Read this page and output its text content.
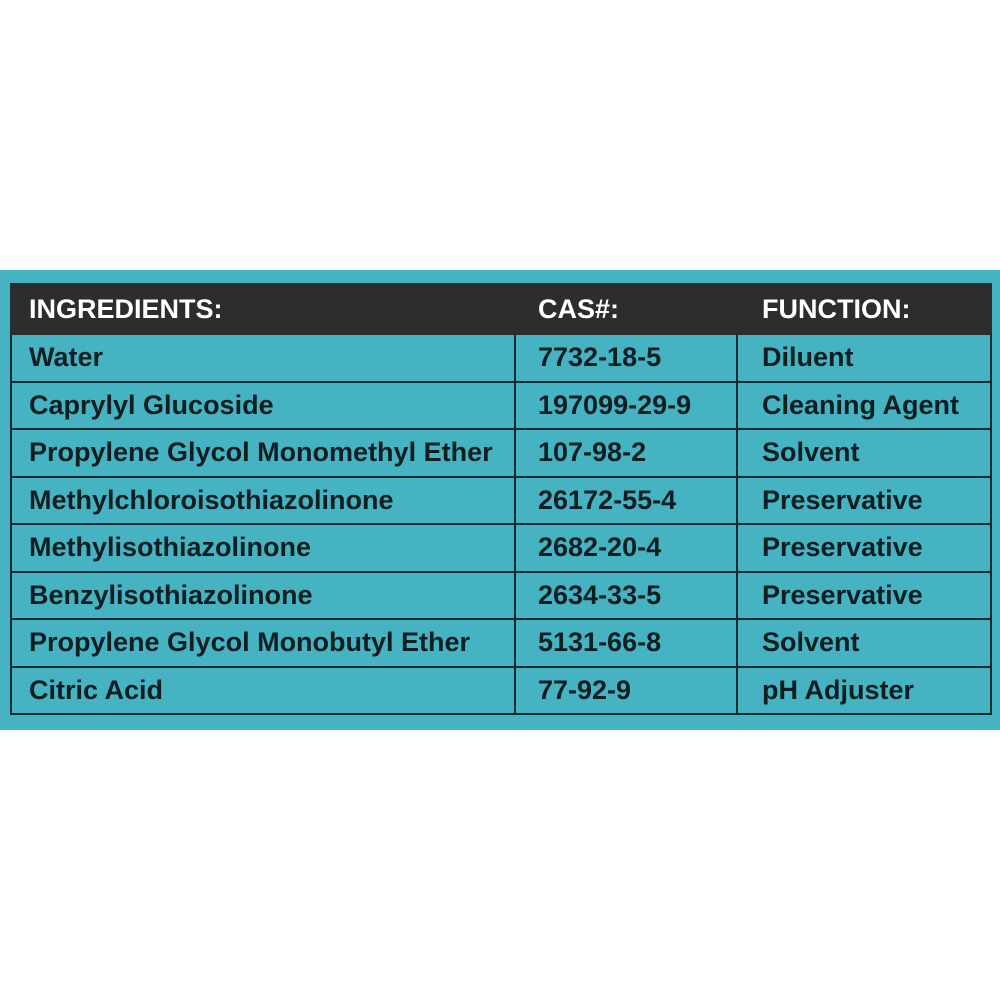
INGREDIENTS:	CAS#:	FUNCTION:
Water	7732-18-5	Diluent
Caprylyl Glucoside	197099-29-9	Cleaning Agent
Propylene Glycol Monomethyl Ether	107-98-2	Solvent
Methylchloroisothiazolinone	26172-55-4	Preservative
Methylisothiazolinone	2682-20-4	Preservative
Benzylisothiazolinone	2634-33-5	Preservative
Propylene Glycol Monobutyl Ether	5131-66-8	Solvent
Citric Acid	77-92-9	pH Adjuster
